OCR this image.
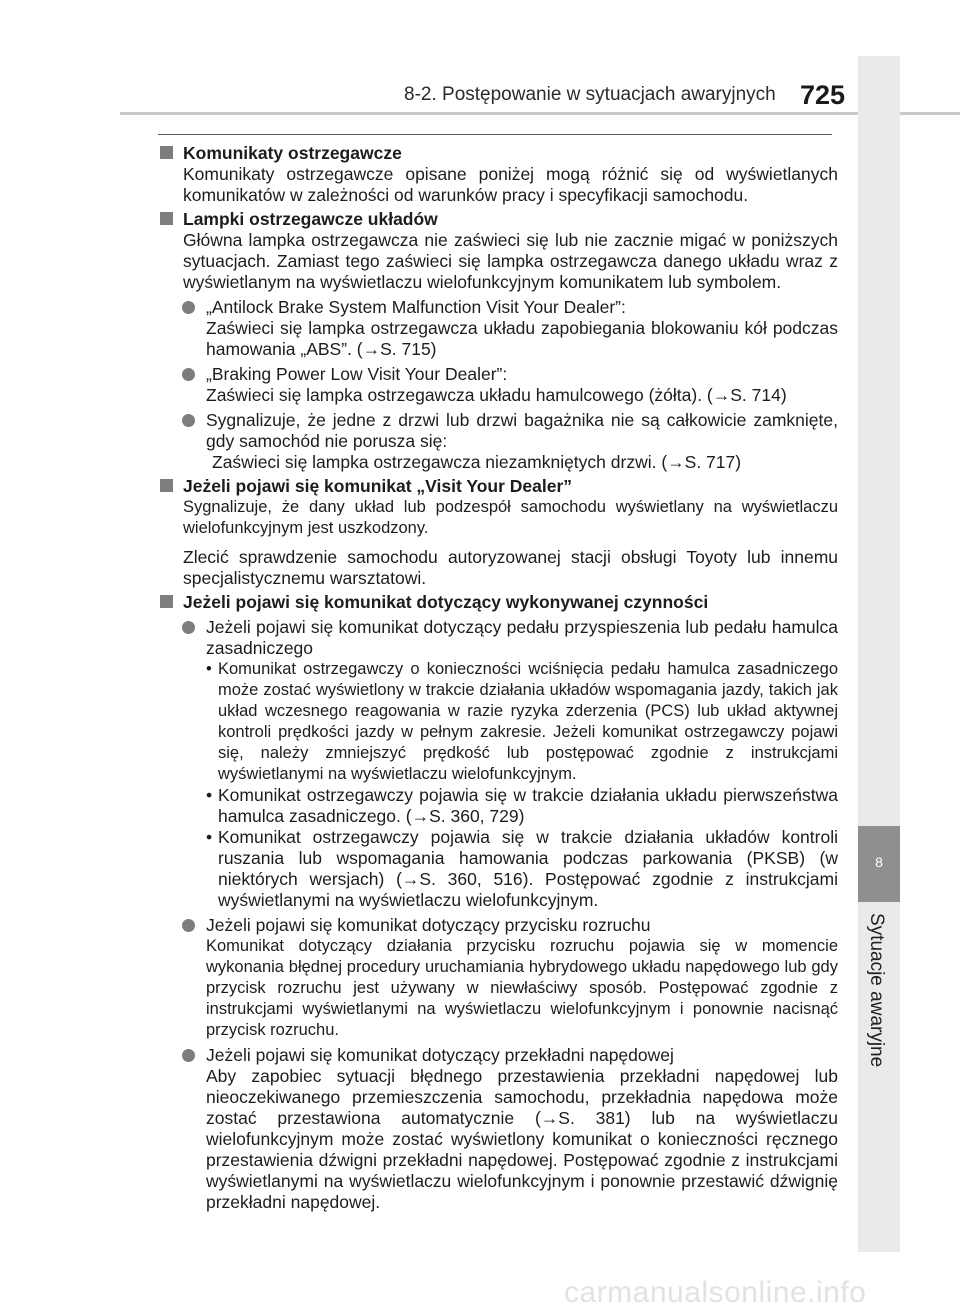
8-2. Postępowanie w sytuacjach awaryjnych 725
8
Sytuacje awaryjne
Komunikaty ostrzegawcze
Komunikaty ostrzegawcze opisane poniżej mogą różnić się od wyświetlanych komunikatów w zależności od warunków pracy i specyfikacji samochodu.
Lampki ostrzegawcze układów
Główna lampka ostrzegawcza nie zaświeci się lub nie zacznie migać w poniższych sytuacjach. Zamiast tego zaświeci się lampka ostrzegawcza danego układu wraz z wyświetlanym na wyświetlaczu wielofunkcyjnym komunikatem lub symbolem.
„Antilock Brake System Malfunction Visit Your Dealer”:
Zaświeci się lampka ostrzegawcza układu zapobiegania blokowaniu kół podczas hamowania „ABS”. (→S. 715)
„Braking Power Low Visit Your Dealer”:
Zaświeci się lampka ostrzegawcza układu hamulcowego (żółta). (→S. 714)
Sygnalizuje, że jedne z drzwi lub drzwi bagażnika nie są całkowicie zamknięte, gdy samochód nie porusza się:
Zaświeci się lampka ostrzegawcza niezamkniętych drzwi. (→S. 717)
Jeżeli pojawi się komunikat „Visit Your Dealer”
Sygnalizuje, że dany układ lub podzespół samochodu wyświetlany na wyświetlaczu wielofunkcyjnym jest uszkodzony.
Zlecić sprawdzenie samochodu autoryzowanej stacji obsługi Toyoty lub innemu specjalistycznemu warsztatowi.
Jeżeli pojawi się komunikat dotyczący wykonywanej czynności
Jeżeli pojawi się komunikat dotyczący pedału przyspieszenia lub pedału hamulca zasadniczego
• Komunikat ostrzegawczy o konieczności wciśnięcia pedału hamulca zasadniczego może zostać wyświetlony w trakcie działania układów wspomagania jazdy, takich jak układ wczesnego reagowania w razie ryzyka zderzenia (PCS) lub układ aktywnej kontroli prędkości jazdy w pełnym zakresie. Jeżeli komunikat ostrzegawczy pojawi się, należy zmniejszyć prędkość lub postępować zgodnie z instrukcjami wyświetlanymi na wyświetlaczu wielofunkcyjnym.
• Komunikat ostrzegawczy pojawia się w trakcie działania układu pierwszeństwa hamulca zasadniczego. (→S. 360, 729)
• Komunikat ostrzegawczy pojawia się w trakcie działania układów kontroli ruszania lub wspomagania hamowania podczas parkowania (PKSB) (w niektórych wersjach) (→S. 360, 516). Postępować zgodnie z instrukcjami wyświetlanymi na wyświetlaczu wielofunkcyjnym.
Jeżeli pojawi się komunikat dotyczący przycisku rozruchu
Komunikat dotyczący działania przycisku rozruchu pojawia się w momencie wykonania błędnej procedury uruchamiania hybrydowego układu napędowego lub gdy przycisk rozruchu jest używany w niewłaściwy sposób. Postępować zgodnie z instrukcjami wyświetlanymi na wyświetlaczu wielofunkcyjnym i ponownie nacisnąć przycisk rozruchu.
Jeżeli pojawi się komunikat dotyczący przekładni napędowej
Aby zapobiec sytuacji błędnego przestawienia przekładni napędowej lub nieoczekiwanego przemieszczenia samochodu, przekładnia napędowa może zostać przestawiona automatycznie (→S. 381) lub na wyświetlaczu wielofunkcyjnym może zostać wyświetlony komunikat o konieczności ręcznego przestawienia dźwigni przekładni napędowej. Postępować zgodnie z instrukcjami wyświetlanymi na wyświetlaczu wielofunkcyjnym i ponownie przestawić dźwignię przekładni napędowej.
carmanualsonline.info
